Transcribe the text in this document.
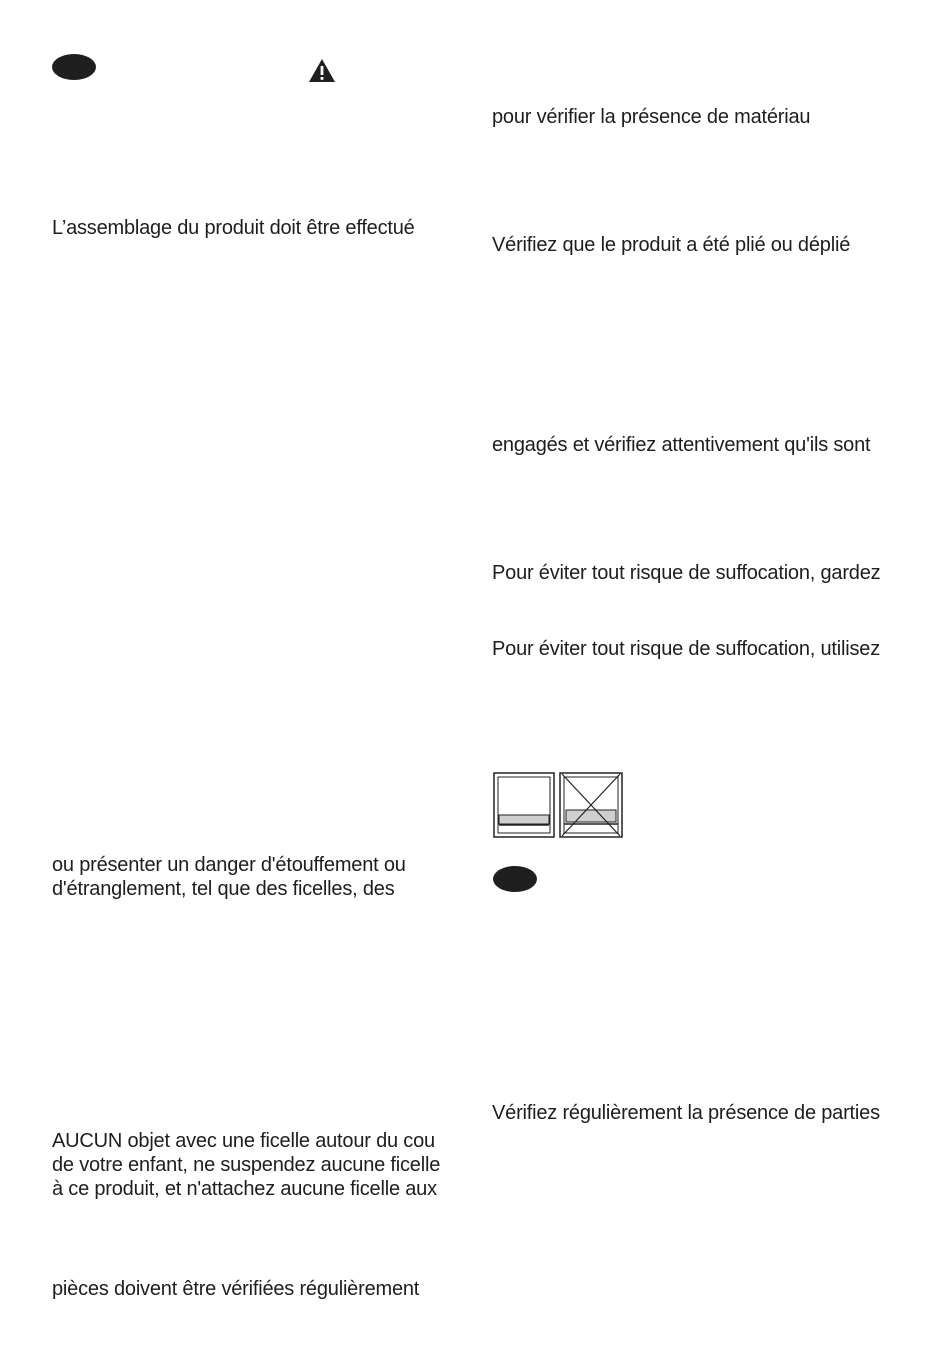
L’assemblage du produit doit être effectué
ou présenter un danger d'étouffement ou
d'étranglement, tel que des ficelles, des
AUCUN objet avec une ficelle autour du cou
de votre enfant, ne suspendez aucune ficelle
à ce produit, et n'attachez aucune ficelle aux
pièces doivent être vérifiées régulièrement
pour vérifier la présence de matériau
Vérifiez que le produit a été plié ou déplié
engagés et vérifiez attentivement qu'ils sont
Pour éviter tout risque de suffocation, gardez
Pour éviter tout risque de suffocation, utilisez
Vérifiez régulièrement la présence de parties
